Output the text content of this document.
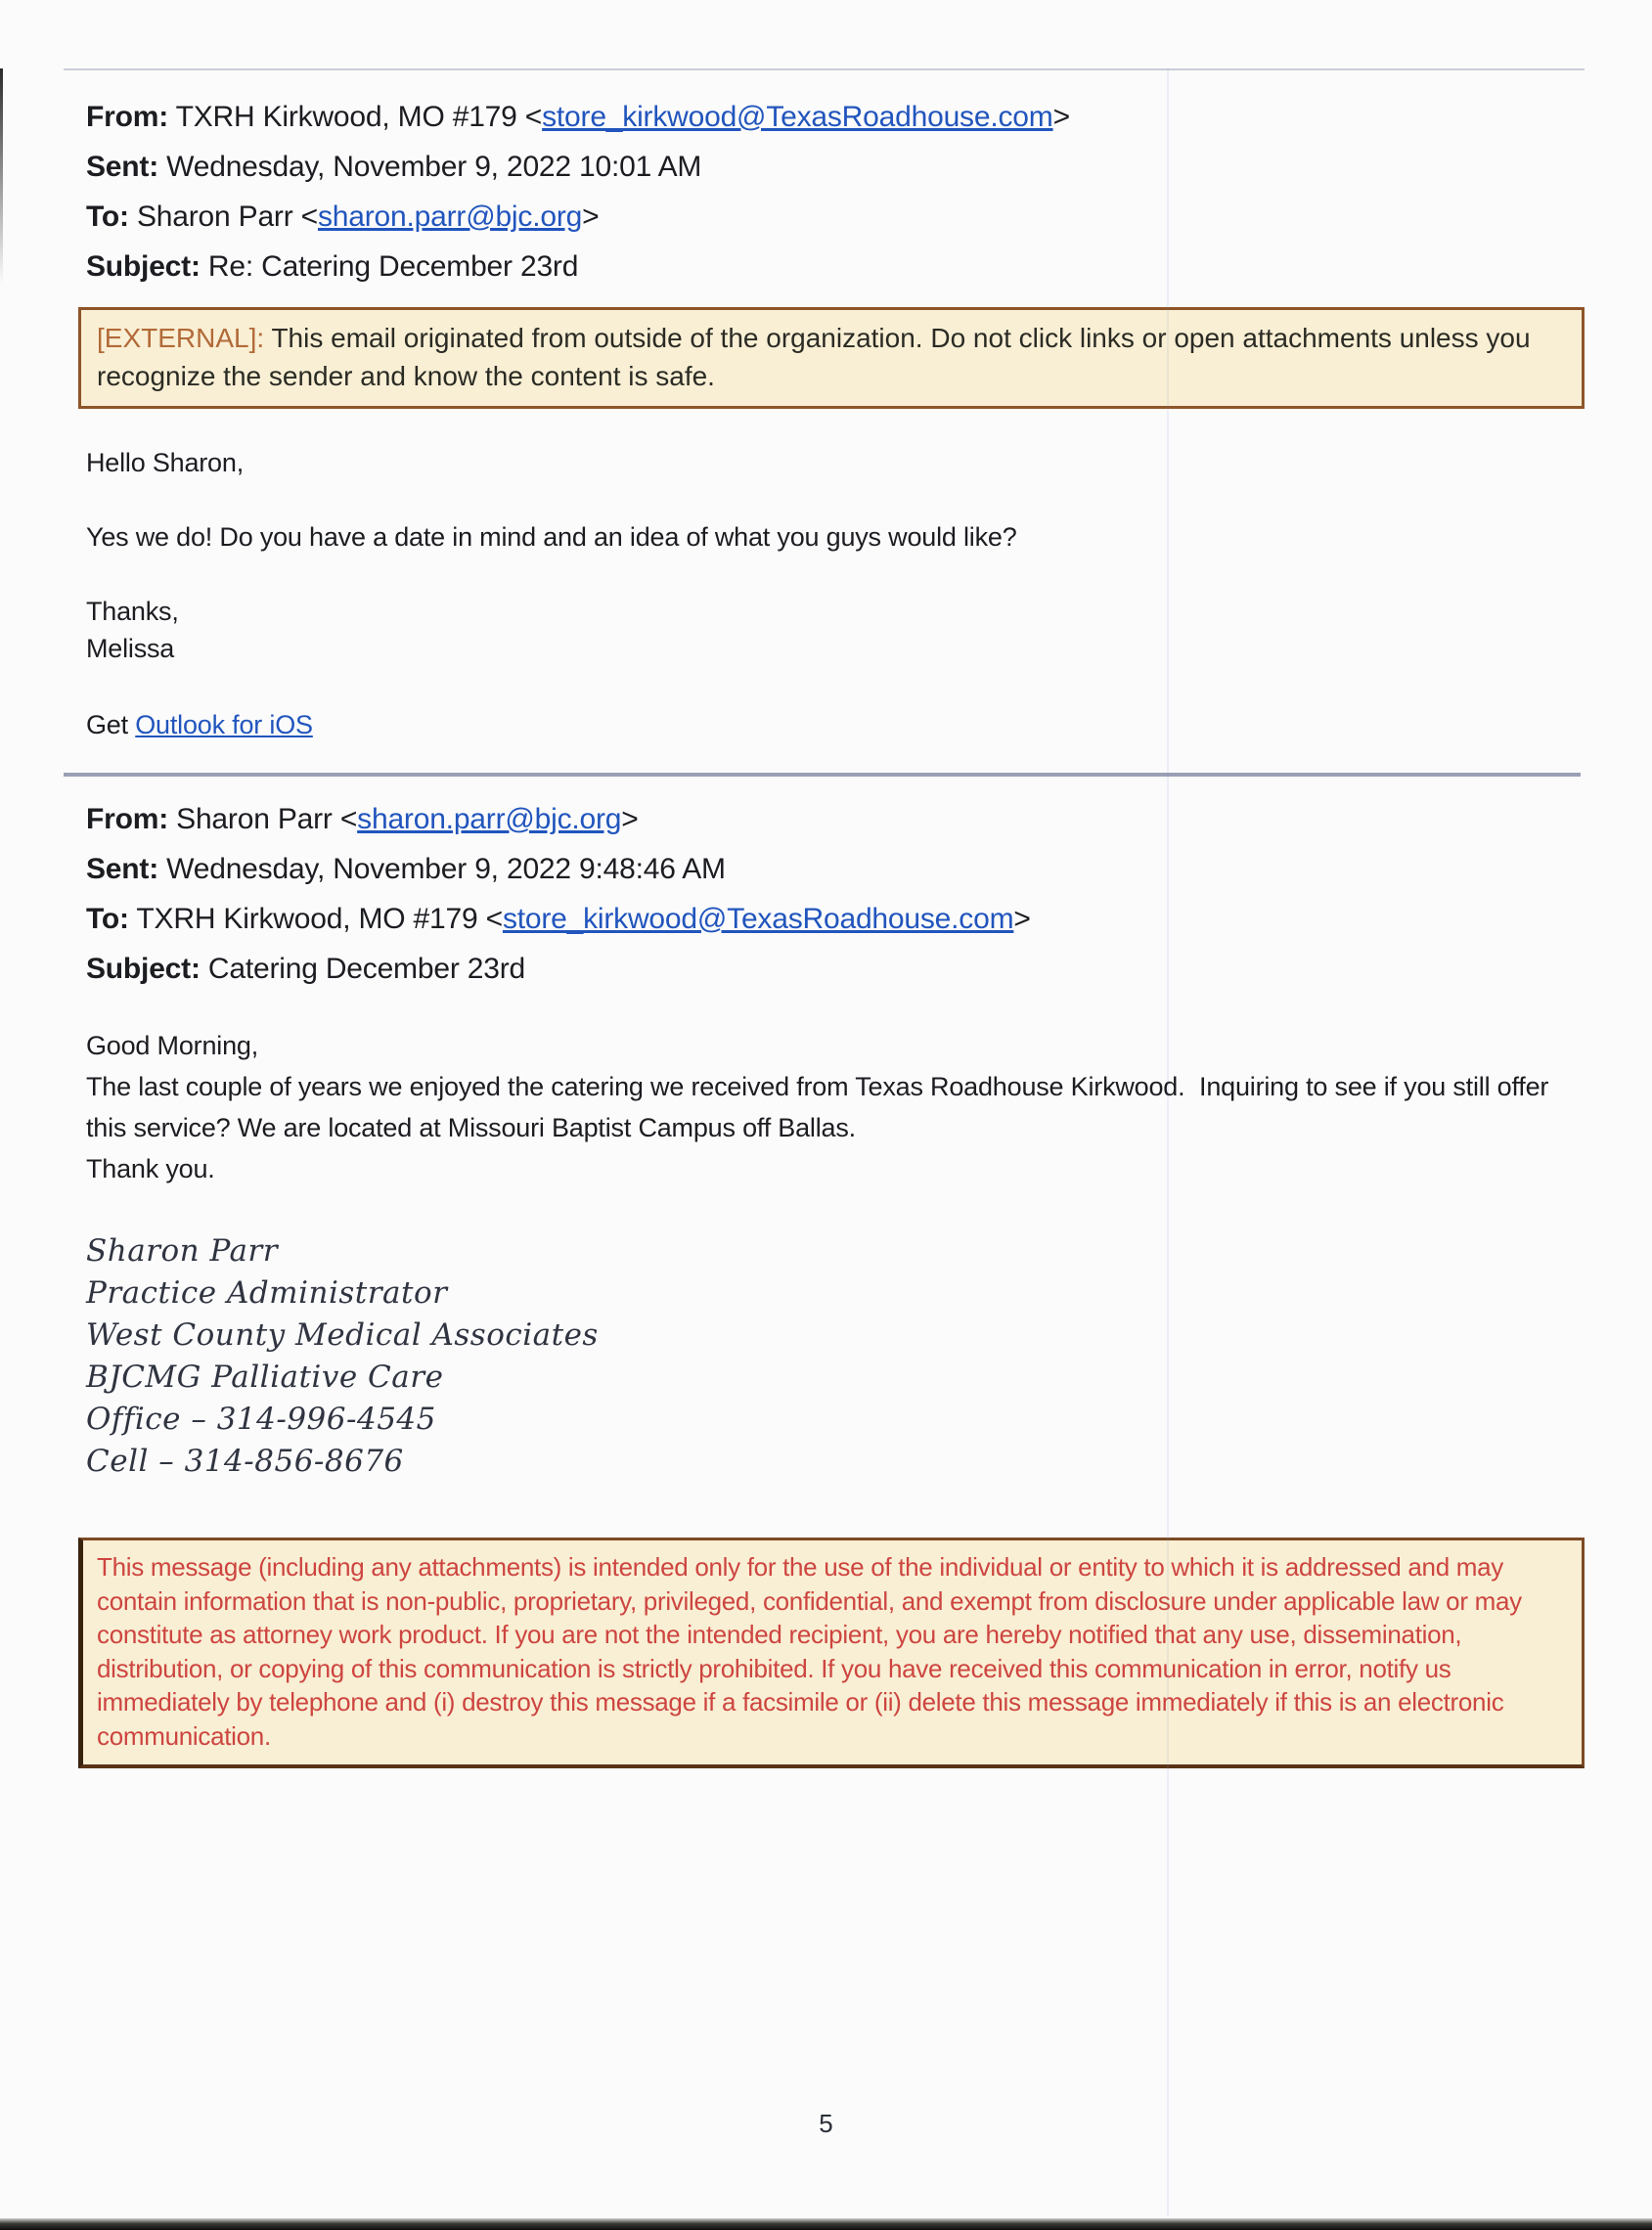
From: TXRH Kirkwood, MO #179 <store_kirkwood@TexasRoadhouse.com>
Sent: Wednesday, November 9, 2022 10:01 AM
To: Sharon Parr <sharon.parr@bjc.org>
Subject: Re: Catering December 23rd
[EXTERNAL]: This email originated from outside of the organization. Do not click links or open attachments unless you recognize the sender and know the content is safe.

Hello Sharon,

Yes we do! Do you have a date in mind and an idea of what you guys would like?

Thanks,
Melissa

Get Outlook for iOS

From: Sharon Parr <sharon.parr@bjc.org>
Sent: Wednesday, November 9, 2022 9:48:46 AM
To: TXRH Kirkwood, MO #179 <store_kirkwood@TexasRoadhouse.com>
Subject: Catering December 23rd
Good Morning,
The last couple of years we enjoyed the catering we received from Texas Roadhouse Kirkwood.  Inquiring to see if you still offer this service? We are located at Missouri Baptist Campus off Ballas.
Thank you.
Sharon Parr
Practice Administrator
West County Medical Associates
BJCMG Palliative Care
Office – 314-996-4545
Cell – 314-856-8676
This message (including any attachments) is intended only for the use of the individual or entity to which it is addressed and may contain information that is non-public, proprietary, privileged, confidential, and exempt from disclosure under applicable law or may constitute as attorney work product. If you are not the intended recipient, you are hereby notified that any use, dissemination, distribution, or copying of this communication is strictly prohibited. If you have received this communication in error, notify us immediately by telephone and (i) destroy this message if a facsimile or (ii) delete this message immediately if this is an electronic communication.
5
